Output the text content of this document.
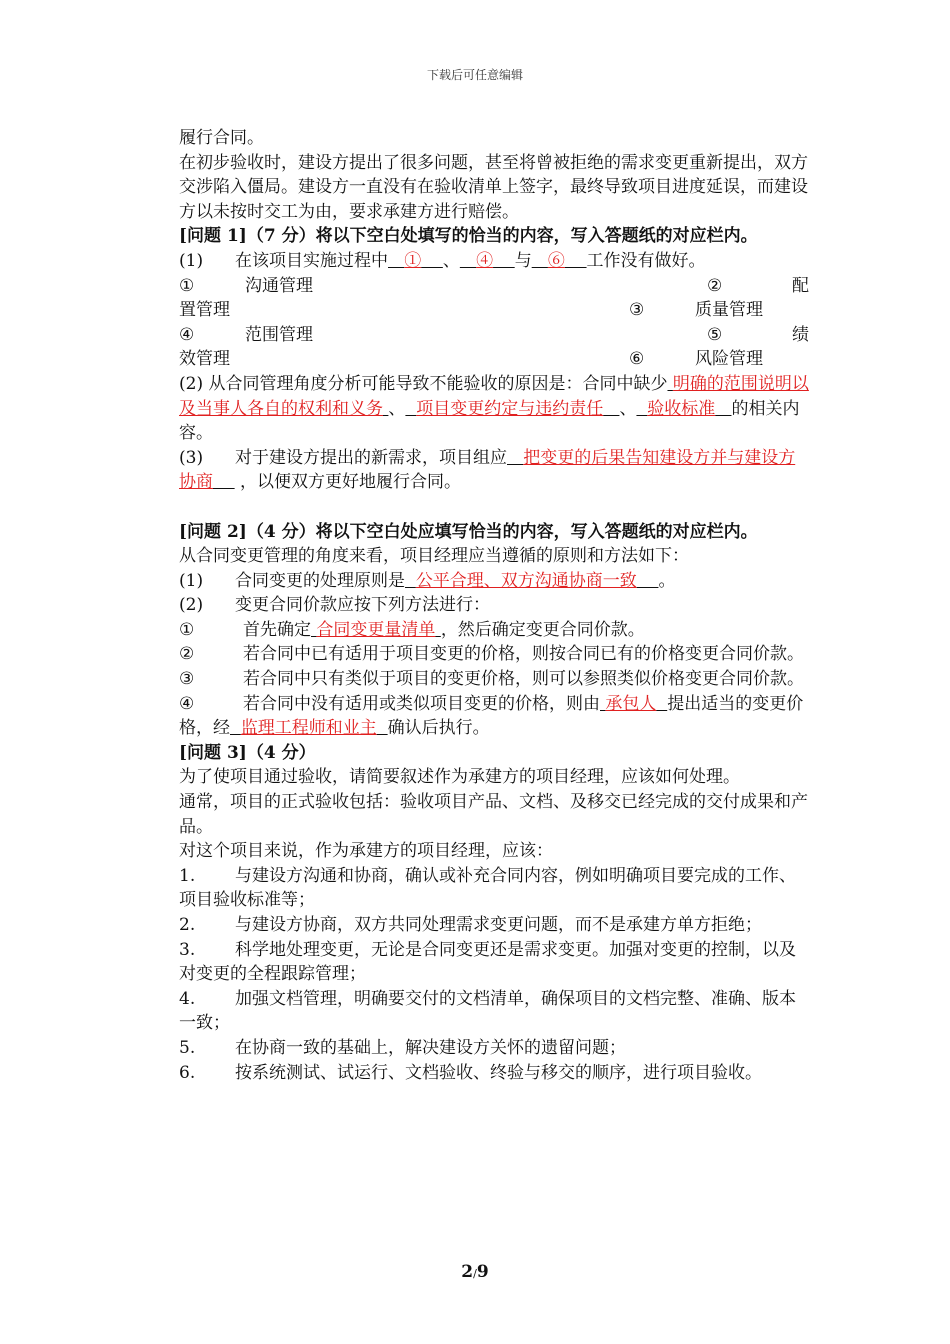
下载后可任意编辑

履行合同。

在初步验收时，建设方提出了很多问题，甚至将曾被拒绝的需求变更重新提出，双方交涉陷入僵局。建设方一直没有在验收清单上签字，最终导致项目进度延误，而建设方以未按时交工为由，要求承建方进行赔偿。

[问题 1]（7 分）将以下空白处填写的恰当的内容，写入答题纸的对应栏内。

(1) 在该项目实施过程中 ① 、 ④ 与 ⑥ 工作没有做好。

①	沟通管理	②	配

置管理	③	质量管理

④	范围管理	⑤	绩

效管理	⑥	风险管理

(2) 从合同管理角度分析可能导致不能验收的原因是：合同中缺少 明确的范围说明以及当事人各自的权利和义务 、 项目变更约定与违约责任 、 验收标准 的相关内容。

(3) 对于建设方提出的新需求，项目组应 把变更的后果告知建设方并与建设方协商 ，以便双方更好地履行合同。

[问题 2]（4 分）将以下空白处应填写恰当的内容，写入答题纸的对应栏内。

从合同变更管理的角度来看，项目经理应当遵循的原则和方法如下：

(1) 合同变更的处理原则是 公平合理、双方沟通协商一致 。

(2) 变更合同价款应按下列方法进行：

①	首先确定 合同变更量清单 ，然后确定变更合同价款。

②	若合同中已有适用于项目变更的价格，则按合同已有的价格变更合同价款。

③	若合同中只有类似于项目的变更价格，则可以参照类似价格变更合同价款。

④	若合同中没有适用或类似项目变更的价格，则由 承包人 提出适当的变更价格，经 监理工程师和业主 确认后执行。

[问题 3]（4 分）

为了使项目通过验收，请简要叙述作为承建方的项目经理，应该如何处理。

通常，项目的正式验收包括：验收项目产品、文档、及移交已经完成的交付成果和产品。

对这个项目来说，作为承建方的项目经理，应该：

1. 与建设方沟通和协商，确认或补充合同内容，例如明确项目要完成的工作、项目验收标准等；

2. 与建设方协商，双方共同处理需求变更问题，而不是承建方单方拒绝；

3. 科学地处理变更，无论是合同变更还是需求变更。加强对变更的控制，以及对变更的全程跟踪管理；

4. 加强文档管理，明确要交付的文档清单，确保项目的文档完整、准确、版本一致；

5. 在协商一致的基础上，解决建设方关怀的遗留问题；

6. 按系统测试、试运行、文档验收、终验与移交的顺序，进行项目验收。

2/9
